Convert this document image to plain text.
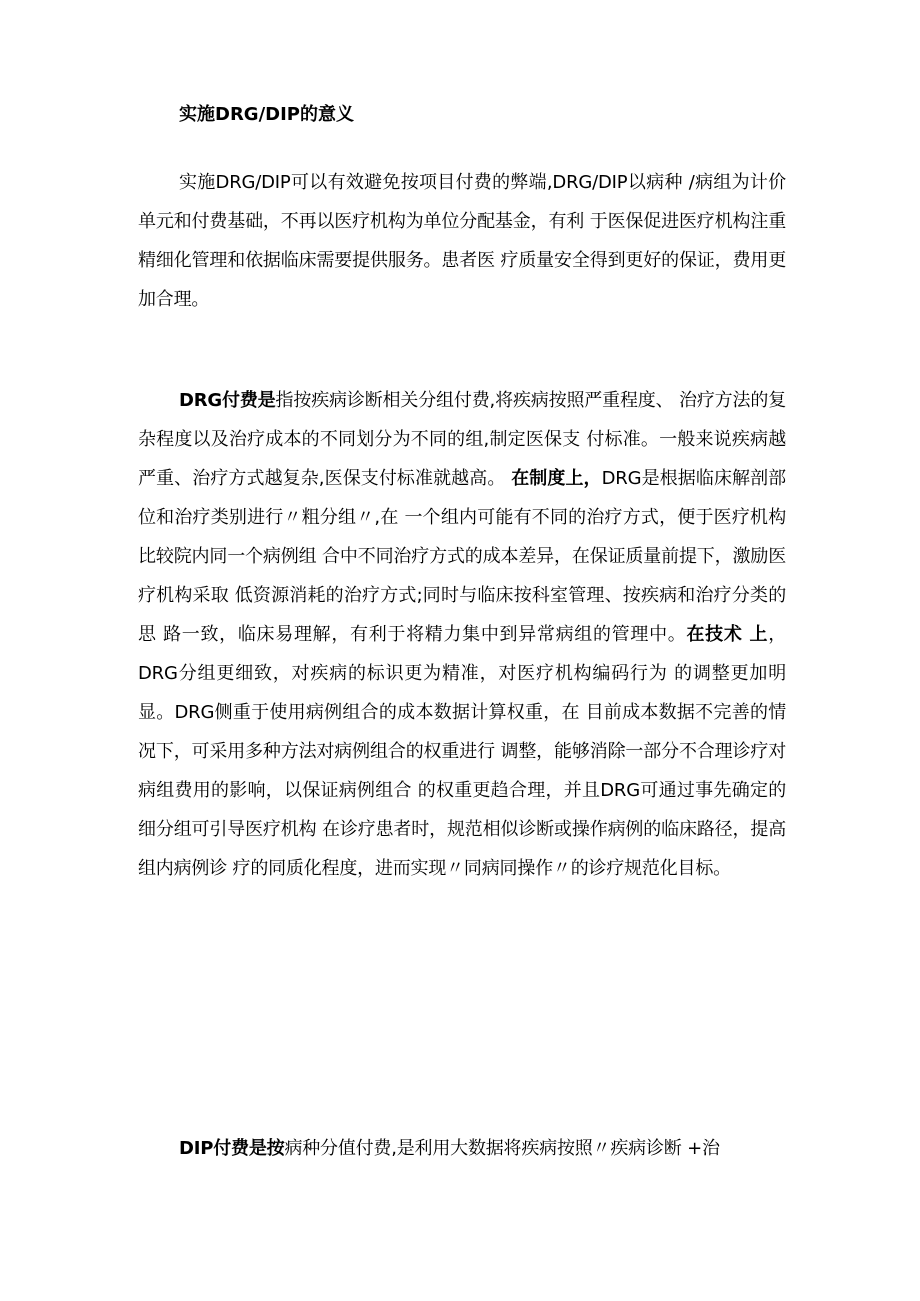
实施DRG/DIP的意义

实施DRG/DIP可以有效避免按项目付费的弊端,DRG/DIP以病种 /病组为计价单元和付费基础，不再以医疗机构为单位分配基金，有利 于医保促进医疗机构注重精细化管理和依据临床需要提供服务。患者医 疗质量安全得到更好的保证，费用更加合理。

DRG付费是指按疾病诊断相关分组付费,将疾病按照严重程度、 治疗方法的复杂程度以及治疗成本的不同划分为不同的组,制定医保支 付标准。一般来说疾病越严重、治疗方式越复杂,医保支付标准就越高。 在制度上，DRG是根据临床解剖部位和治疗类别进行〃粗分组〃,在 一个组内可能有不同的治疗方式，便于医疗机构比较院内同一个病例组 合中不同治疗方式的成本差异，在保证质量前提下，激励医疗机构采取 低资源消耗的治疗方式;同时与临床按科室管理、按疾病和治疗分类的思 路一致，临床易理解，有利于将精力集中到异常病组的管理中。在技术 上，DRG分组更细致，对疾病的标识更为精准，对医疗机构编码行为 的调整更加明显。DRG侧重于使用病例组合的成本数据计算权重，在 目前成本数据不完善的情况下，可采用多种方法对病例组合的权重进行 调整，能够消除一部分不合理诊疗对病组费用的影响，以保证病例组合 的权重更趋合理，并且DRG可通过事先确定的细分组可引导医疗机构 在诊疗患者时，规范相似诊断或操作病例的临床路径，提高组内病例诊 疗的同质化程度，进而实现〃同病同操作〃的诊疗规范化目标。

DIP付费是按病种分值付费,是利用大数据将疾病按照〃疾病诊断 +治
